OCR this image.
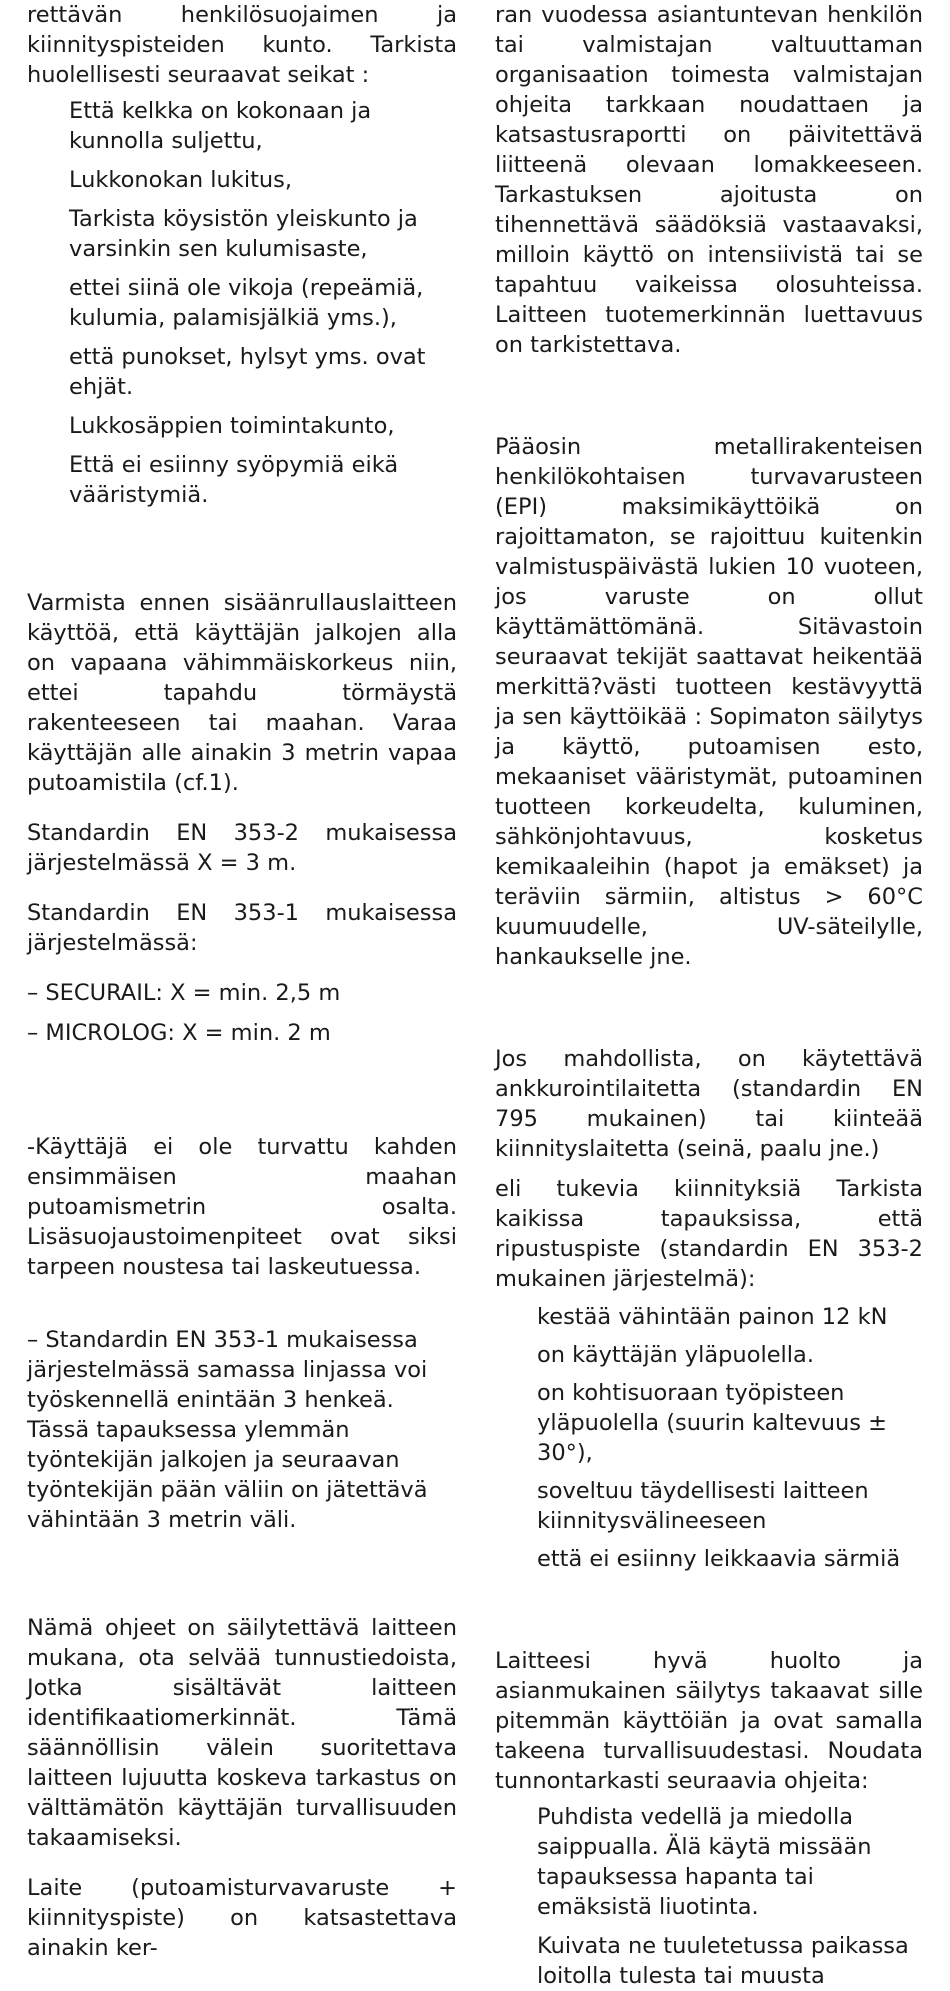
rettävän henkilösuojaimen ja kiinnityspisteiden kunto. Tarkista huolellisesti seuraavat seikat :

Että kelkka on kokonaan ja kunnolla suljettu,

Lukkonokan lukitus,

Tarkista köysistön yleiskunto ja varsinkin sen kulumisaste,

ettei siinä ole vikoja (repeämiä, kulumia, palamisjälkiä yms.),

että punokset, hylsyt yms. ovat ehjät.

Lukkosäppien toimintakunto,

Että ei esiinny syöpymiä eikä vääristymiä.

Varmista ennen sisäänrullauslaitteen käyttöä, että käyttäjän jalkojen alla on vapaana vähimmäiskorkeus niin, ettei tapahdu törmäystä rakenteeseen tai maahan. Varaa käyttäjän alle ainakin 3 metrin vapaa putoamistila (cf.1).

Standardin EN 353-2 mukaisessa järjestelmässä X = 3 m.

Standardin EN 353-1 mukaisessa järjestelmässä:

– SECURAIL: X = min. 2,5 m

– MICROLOG: X = min. 2 m

-Käyttäjä ei ole turvattu kahden ensimmäisen maahan putoamismetrin osalta. Lisäsuojaustoimenpiteet ovat siksi tarpeen noustesa tai laskeutuessa.

– Standardin EN 353-1 mukaisessa järjestelmässä samassa linjassa voi työskennellä enintään 3 henkeä. Tässä tapauksessa ylemmän työntekijän jalkojen ja seuraavan työntekijän pään väliin on jätettävä vähintään 3 metrin väli.

Nämä ohjeet on säilytettävä laitteen mukana, ota selvää tunnustiedoista, Jotka sisältävät laitteen identifikaatiomerkinnät. Tämä säännöllisin välein suoritettava laitteen lujuutta koskeva tarkastus on välttämätön käyttäjän turvallisuuden takaamiseksi.

Laite (putoamisturvavaruste + kiinnityspiste) on katsastettava ainakin ker-

ran vuodessa asiantuntevan henkilön tai valmistajan valtuuttaman organisaation toimesta valmistajan ohjeita tarkkaan noudattaen ja katsastusraportti on päivitettävä liitteenä olevaan lomakkeeseen. Tarkastuksen ajoitusta on tihennettävä säädöksiä vastaavaksi, milloin käyttö on intensiivistä tai se tapahtuu vaikeissa olosuhteissa. Laitteen tuotemerkinnän luettavuus on tarkistettava.

Pääosin metallirakenteisen henkilökohtaisen turvavarusteen (EPI) maksimikäyttöikä on rajoittamaton, se rajoittuu kuitenkin valmistuspäivästä lukien 10 vuoteen, jos varuste on ollut käyttämättömänä. Sitävastoin seuraavat tekijät saattavat heikentää merkittä?västi tuotteen kestävyyttä ja sen käyttöikää : Sopimaton säilytys ja käyttö, putoamisen esto, mekaaniset vääristymät, putoaminen tuotteen korkeudelta, kuluminen, sähkönjohtavuus, kosketus kemikaaleihin (hapot ja emäkset) ja teräviin särmiin, altistus > 60°C kuumuudelle, UV-säteilylle, hankaukselle jne.

Jos mahdollista, on käytettävä ankkurointilaitetta (standardin EN 795 mukainen) tai kiinteää kiinnityslaitetta (seinä, paalu jne.)

eli tukevia kiinnityksiä Tarkista kaikissa tapauksissa, että ripustuspiste (standardin EN 353-2 mukainen järjestelmä):

kestää vähintään painon 12 kN

on käyttäjän yläpuolella.

on kohtisuoraan työpisteen yläpuolella (suurin kaltevuus ± 30°),

soveltuu täydellisesti laitteen kiinnitysvälineeseen

että ei esiinny leikkaavia särmiä

Laitteesi hyvä huolto ja asianmukainen säilytys takaavat sille pitemmän käyttöiän ja ovat samalla takeena turvallisuudestasi. Noudata tunnontarkasti seuraavia ohjeita:

Puhdista vedellä ja miedolla saippualla. Älä käytä missään tapauksessa hapanta tai emäksistä liuotinta.

Kuivata ne tuuletetussa paikassa loitolla tulesta tai muusta
